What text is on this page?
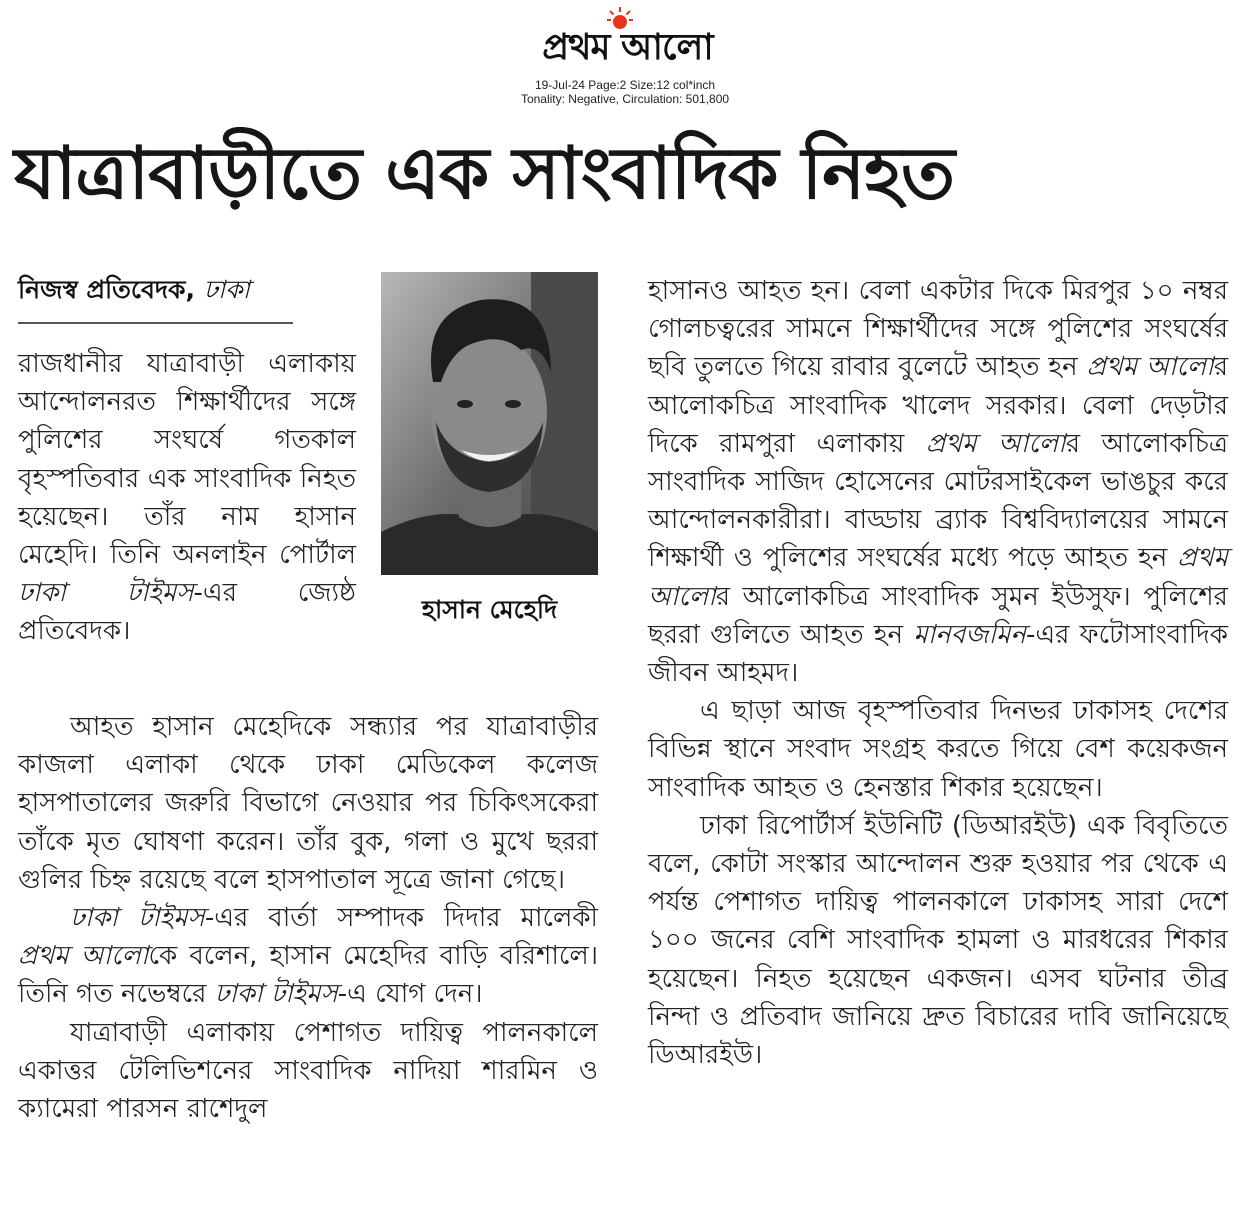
প্রথম আলো
19-Jul-24 Page:2 Size:12 col*inch
Tonality: Negative, Circulation: 501,800
যাত্রাবাড়ীতে এক সাংবাদিক নিহত
নিজস্ব প্রতিবেদক, ঢাকা

রাজধানীর যাত্রাবাড়ী এলাকায় আন্দোলনরত শিক্ষার্থীদের সঙ্গে পুলিশের সংঘর্ষে গতকাল বৃহস্পতিবার এক সাংবাদিক নিহত হয়েছেন। তাঁর নাম হাসান মেহেদি। তিনি অনলাইন পোর্টাল ঢাকা টাইমস-এর জ্যেষ্ঠ প্রতিবেদক।

হাসান মেহেদি

আহত হাসান মেহেদিকে সন্ধ্যার পর যাত্রাবাড়ীর কাজলা এলাকা থেকে ঢাকা মেডিকেল কলেজ হাসপাতালের জরুরি বিভাগে নেওয়ার পর চিকিৎসকেরা তাঁকে মৃত ঘোষণা করেন। তাঁর বুক, গলা ও মুখে ছররা গুলির চিহ্ন রয়েছে বলে হাসপাতাল সূত্রে জানা গেছে।

ঢাকা টাইমস-এর বার্তা সম্পাদক দিদার মালেকী প্রথম আলোকে বলেন, হাসান মেহেদির বাড়ি বরিশালে। তিনি গত নভেম্বরে ঢাকা টাইমস-এ যোগ দেন।

যাত্রাবাড়ী এলাকায় পেশাগত দায়িত্ব পালনকালে একাত্তর টেলিভিশনের সাংবাদিক নাদিয়া শারমিন ও ক্যামেরা পারসন রাশেদুল

হাসানও আহত হন। বেলা একটার দিকে মিরপুর ১০ নম্বর গোলচত্বরের সামনে শিক্ষার্থীদের সঙ্গে পুলিশের সংঘর্ষের ছবি তুলতে গিয়ে রাবার বুলেটে আহত হন প্রথম আলোর আলোকচিত্র সাংবাদিক খালেদ সরকার। বেলা দেড়টার দিকে রামপুরা এলাকায় প্রথম আলোর আলোকচিত্র সাংবাদিক সাজিদ হোসেনের মোটরসাইকেল ভাঙচুর করে আন্দোলনকারীরা। বাড্ডায় ব্র্যাক বিশ্ববিদ্যালয়ের সামনে শিক্ষার্থী ও পুলিশের সংঘর্ষের মধ্যে পড়ে আহত হন প্রথম আলোর আলোকচিত্র সাংবাদিক সুমন ইউসুফ। পুলিশের ছররা গুলিতে আহত হন মানবজমিন-এর ফটোসাংবাদিক জীবন আহমদ।

এ ছাড়া আজ বৃহস্পতিবার দিনভর ঢাকাসহ দেশের বিভিন্ন স্থানে সংবাদ সংগ্রহ করতে গিয়ে বেশ কয়েকজন সাংবাদিক আহত ও হেনস্তার শিকার হয়েছেন।

ঢাকা রিপোর্টার্স ইউনিটি (ডিআরইউ) এক বিবৃতিতে বলে, কোটা সংস্কার আন্দোলন শুরু হওয়ার পর থেকে এ পর্যন্ত পেশাগত দায়িত্ব পালনকালে ঢাকাসহ সারা দেশে ১০০ জনের বেশি সাংবাদিক হামলা ও মারধরের শিকার হয়েছেন। নিহত হয়েছেন একজন। এসব ঘটনার তীব্র নিন্দা ও প্রতিবাদ জানিয়ে দ্রুত বিচারের দাবি জানিয়েছে ডিআরইউ।
